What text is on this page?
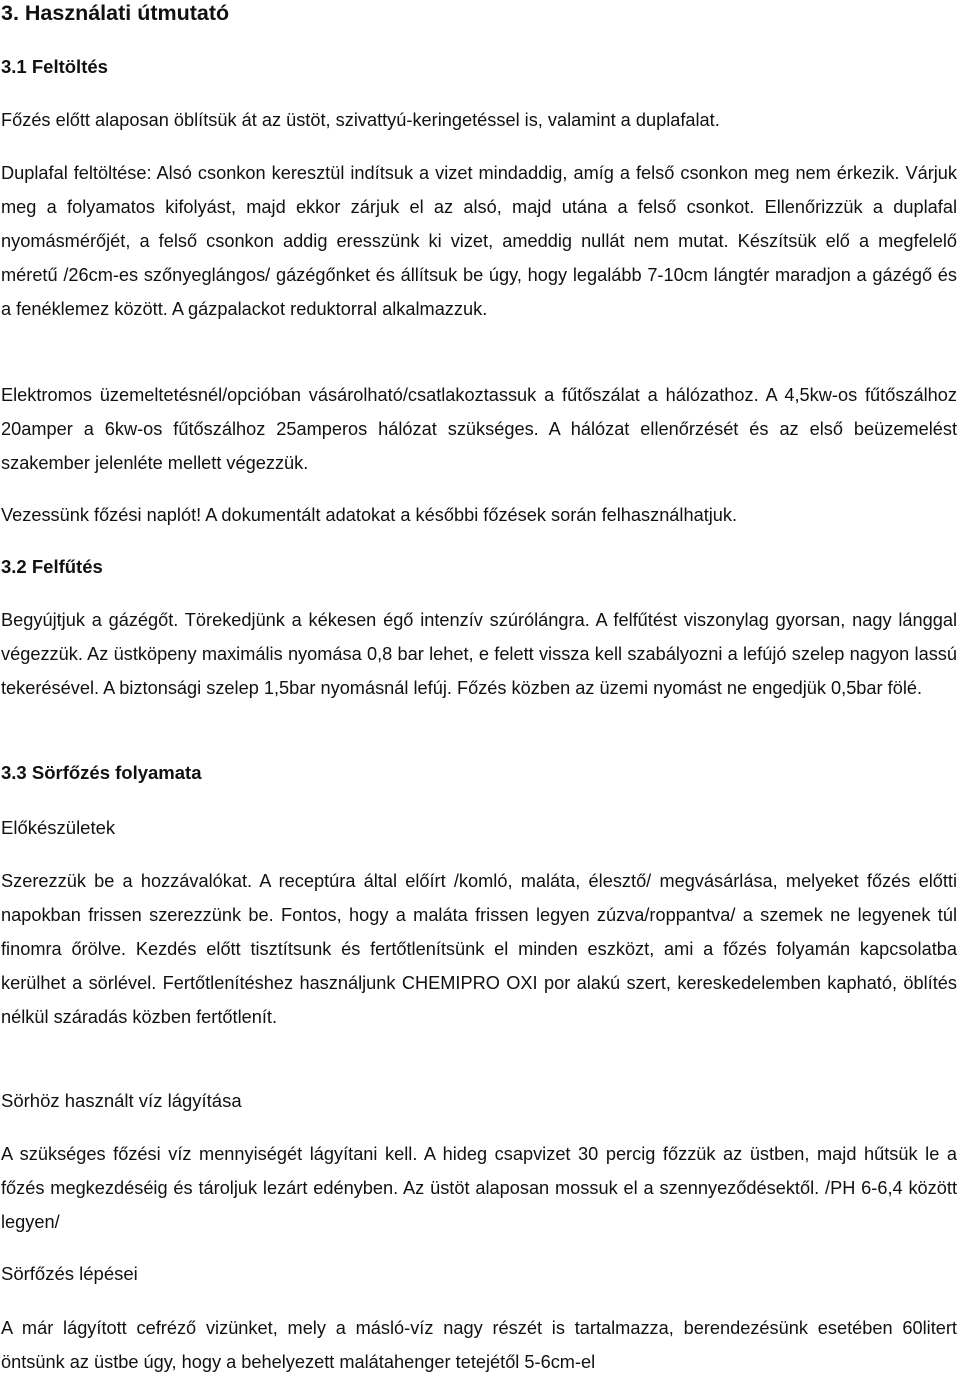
3. Használati útmutató
3.1 Feltöltés
Főzés előtt alaposan öblítsük át az üstöt, szivattyú-keringetéssel is, valamint a duplafalat.
Duplafal feltöltése: Alsó csonkon keresztül indítsuk a vizet mindaddig, amíg a felső csonkon meg nem érkezik. Várjuk meg a folyamatos kifolyást, majd ekkor zárjuk el az alsó, majd utána a felső csonkot. Ellenőrizzük a duplafal nyomásmérőjét, a felső csonkon addig eresszünk ki vizet, ameddig nullát nem mutat. Készítsük elő a megfelelő méretű /26cm-es szőnyeglángos/ gázégőnket és állítsuk be úgy, hogy legalább 7-10cm lángtér maradjon a gázégő és a fenéklemez között. A gázpalackot reduktorral alkalmazzuk.
Elektromos üzemeltetésnél/opcióban vásárolható/csatlakoztassuk a fűtőszálat a hálózathoz. A 4,5kw-os fűtőszálhoz 20amper a 6kw-os fűtőszálhoz 25amperos hálózat szükséges. A hálózat ellenőrzését és az első beüzemelést szakember jelenléte mellett végezzük.
Vezessünk főzési naplót! A dokumentált adatokat a későbbi főzések során felhasználhatjuk.
3.2 Felfűtés
Begyújtjuk a gázégőt. Törekedjünk a kékesen égő intenzív szúrólángra. A felfűtést viszonylag gyorsan, nagy lánggal végezzük. Az üstköpeny maximális nyomása 0,8 bar lehet, e felett vissza kell szabályozni a lefújó szelep nagyon lassú tekerésével. A biztonsági szelep 1,5bar nyomásnál lefúj. Főzés közben az üzemi nyomást ne engedjük 0,5bar fölé.
3.3 Sörfőzés folyamata
Előkészületek
Szerezzük be a hozzávalókat. A receptúra által előírt /komló, maláta, élesztő/ megvásárlása, melyeket főzés előtti napokban frissen szerezzünk be. Fontos, hogy a maláta frissen legyen zúzva/roppantva/ a szemek ne legyenek túl finomra őrölve. Kezdés előtt tisztítsunk és fertőtlenítsünk el minden eszközt, ami a főzés folyamán kapcsolatba kerülhet a sörlével. Fertőtlenítéshez használjunk CHEMIPRO OXI por alakú szert, kereskedelemben kapható, öblítés nélkül száradás közben fertőtlenít.
Sörhöz használt víz lágyítása
A szükséges főzési víz mennyiségét lágyítani kell. A hideg csapvizet 30 percig főzzük az üstben, majd hűtsük le a főzés megkezdéséig és tároljuk lezárt edényben. Az üstöt alaposan mossuk el a szennyeződésektől. /PH 6-6,4 között legyen/
Sörfőzés lépései
A már lágyított cefréző vizünket, mely a másló-víz nagy részét is tartalmazza, berendezésünk esetében 60litert öntsünk az üstbe úgy, hogy a behelyezett malátahenger tetejétől 5-6cm-el
